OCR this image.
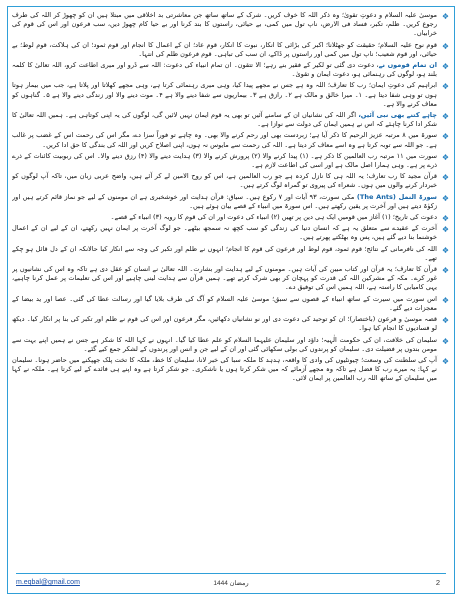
❖
موسیٰ علیہ السلام و دعوتِ تقویٰ؛ وہ ذکر اللہ کا خوف کریں۔ شرک کے ساتھ ساتھ جن معاشرتی بد اخلاقی میں مبتلا ہیں ان کو چھوڑ کر اللہ کی طرف رجوع کریں۔ ظلم، تکبر، فساد فی الارض، ناپ تول میں کمی، بے حیائی، راستوں کا بند کرنا اور بے حیا کام چھوڑ دیں، سب فرعون اور اس کی قوم کی خرابیاں۔
❖
قوم نوح علیہ السلام؛ حقیقت کو جھٹلانا؛ اکبر کی بڑائی کا انکار، نبوت کا انکار، قوم عاد؛ ان کے اعمال کا انجام اور قوم ثمود؛ ان کی ہلاکت، قوم لوط؛ بے حیائی، اور قوم شعیب؛ ناپ تول میں کمی اور راستوں پر ڈاکے، ان سب کی تباہی۔ قوم فرعون ظلم کی انتہا۔
❖
ان تمام قوموں نے، دعوت دی گئی تو لکیر کے فقیر بنے رہے؛ الا تتقون۔ ان تمام انبیاء کی دعوت: اللہ سے ڈرو اور میری اطاعت کرو، اللہ تعالیٰ کا کلمہ بلند ہو، لوگوں کی رہنمائی ہو، دعوت ایمان و تقویٰ۔
❖
ابراہیم کی دعوتِ ایمان؛ رب کا تعارف؛ اللہ وہ ہے جس نے مجھے پیدا کیا، وہی میری رہنمائی کرتا ہے، وہی مجھے کھلاتا اور پلاتا ہے، جب میں بیمار ہوتا ہوں تو وہی شفا دیتا ہے۔ ۱۔ میرا خالق و مالک ہے ۲۔ رازق ہے ۳۔ بیماریوں سے شفا دینے والا ہے ۴۔ موت دینے والا اور زندگی دینے والا ہے ۵۔ گناہوں کو معاف کرنے والا ہے۔
❖
چاہے کتنے بھی نبی آئیں، اگر اللہ کی نشانیاں ان کے سامنے آئیں تو بھی یہ قوم ایمان نہیں لائیں گی، لوگوں کی یہ اپنی کوتاہی ہے۔ ہمیں اللہ تعالیٰ کا شکر ادا کرنا چاہئے کہ اس نے ہمیں ایمان کی دولت سے نوازا ہے۔
❖
سورۃ میں ۸ مرتبہ عزیز الرحیم کا ذکر آیا ہے؛ زبردست بھی اور رحم کرنے والا بھی۔ وہ چاہے تو فوراً سزا دے، مگر اس کی رحمت اس کے غضب پر غالب ہے۔ جو اللہ سے توبہ کرتا ہے وہ اسے معاف کر دیتا ہے۔ اللہ کی رحمت سے مایوس نہ ہوں، اپنی اصلاح کریں اور اللہ کی بندگی کا حق ادا کریں۔
❖
سورت میں ۱۱ مرتبہ رب العالمین کا ذکر ہے۔ (۱) پیدا کرنے والا (۲) پرورش کرنے والا (۳) ہدایت دینے والا (۴) رزق دینے والا۔ اس کی ربوبیت کائنات کے ذرے ذرے پر ہے۔ وہی ہمارا اصل مالک ہے اور اسی کی اطاعت لازم ہے۔
❖
قرآن مجید کا رب تعارف؛ یہ اللہ ہی کا نازل کردہ ہے جو رب العالمین ہے، اس کو روح الامین لے کر آئے ہیں، واضح عربی زبان میں، تاکہ آپ لوگوں کو خبردار کرنے والوں میں ہوں۔ شعراء کی پیروی تو گمراہ لوگ کرتے ہیں۔
❖
سورۃ النمل (The Ants) مکی سورت، ۹۳ آیات اور ۷ رکوع ہیں۔ سیاق: قرآن ہدایت اور خوشخبری ہے ان مومنوں کے لیے جو نماز قائم کرتے ہیں اور زکوٰۃ دیتے ہیں اور آخرت پر یقین رکھتے ہیں۔ اس سورۃ میں انبیاء کے قصے بیان ہوئے ہیں۔
❖
دعوت کی تاریخ؛ (۱) آغاز میں قومیں ایک ہی دین پر تھیں (۲) انبیاء کی دعوت اور ان کی قوم کا رویہ (۳) انبیاء کے قصے۔
❖
آخرت کے عقیدے سے متعلق یہ ہے کہ انسان دنیا کی زندگی کو سب کچھ نہ سمجھ بیٹھے۔ جو لوگ آخرت پر ایمان نہیں رکھتے، ان کے لیے ان کے اعمال خوشنما بنا دیے گئے ہیں، پس وہ بھٹکتے پھرتے ہیں۔
❖
اللہ کی نافرمانی کے نتائج؛ قوم ثمود، قوم لوط اور فرعون کی قوم کا انجام؛ انہوں نے ظلم اور تکبر کی وجہ سے انکار کیا حالانکہ ان کے دل قائل ہو چکے تھے۔
❖
قرآن کا تعارف؛ یہ قرآن اور کتاب مبین کی آیات ہیں۔ مومنوں کے لیے ہدایت اور بشارت۔ اللہ تعالیٰ نے انسان کو عقل دی ہے تاکہ وہ اس کی نشانیوں پر غور کرے۔ مکہ کے مشرکین اللہ کی قدرت کو پہچان کر بھی شرک کرتے تھے۔ ہمیں قرآن سے ہدایت لینی چاہیے اور اس کی تعلیمات پر عمل کرنا چاہیے، یہی کامیابی کا راستہ ہے، اللہ ہمیں اس کی توفیق دے۔
❖
اس سورت میں سیرت کے ساتھ انبیاء کے قصوں سے سبق؛ موسیٰ علیہ السلام کو آگ کی طرف بلایا گیا اور رسالت عطا کی گئی۔ عصا اور ید بیضا کے معجزات دیے گئے۔
❖
قصہ موسیٰ و فرعون (باختصار)؛ ان کو توحید کی دعوت دی اور نو نشانیاں دکھائیں، مگر فرعون اور اس کی قوم نے ظلم اور تکبر کی بنا پر انکار کیا۔ دیکھ لو فسادیوں کا انجام کیا ہوا۔
❖
سلیمان کی خلافت، ان کی حکومت الٰہیہ؛ داؤد اور سلیمان علیہما السلام کو علم عطا کیا گیا۔ انہوں نے کہا اللہ کا شکر ہے جس نے ہمیں اپنے بہت سے مومن بندوں پر فضیلت دی۔ سلیمان کو پرندوں کی بولی سکھائی گئی اور ان کے لیے جن و انس اور پرندوں کے لشکر جمع کیے گئے۔
❖
آپ کی سلطنت کی وسعت؛ چیونٹیوں کی وادی کا واقعہ، ہدہد کا ملکہ سبا کی خبر لانا، سلیمان کا خط، ملکہ کا تخت پلک جھپکنے میں حاضر ہونا۔ سلیمان نے کہا: یہ میرے رب کا فضل ہے تاکہ وہ مجھے آزمائے کہ میں شکر کرتا ہوں یا ناشکری۔ جو شکر کرتا ہے وہ اپنے ہی فائدے کے لیے کرتا ہے۔ ملکہ نے کہا میں سلیمان کے ساتھ اللہ رب العالمین پر ایمان لائی۔
m.eqbal@gmail.com	رمضان 1444	2
